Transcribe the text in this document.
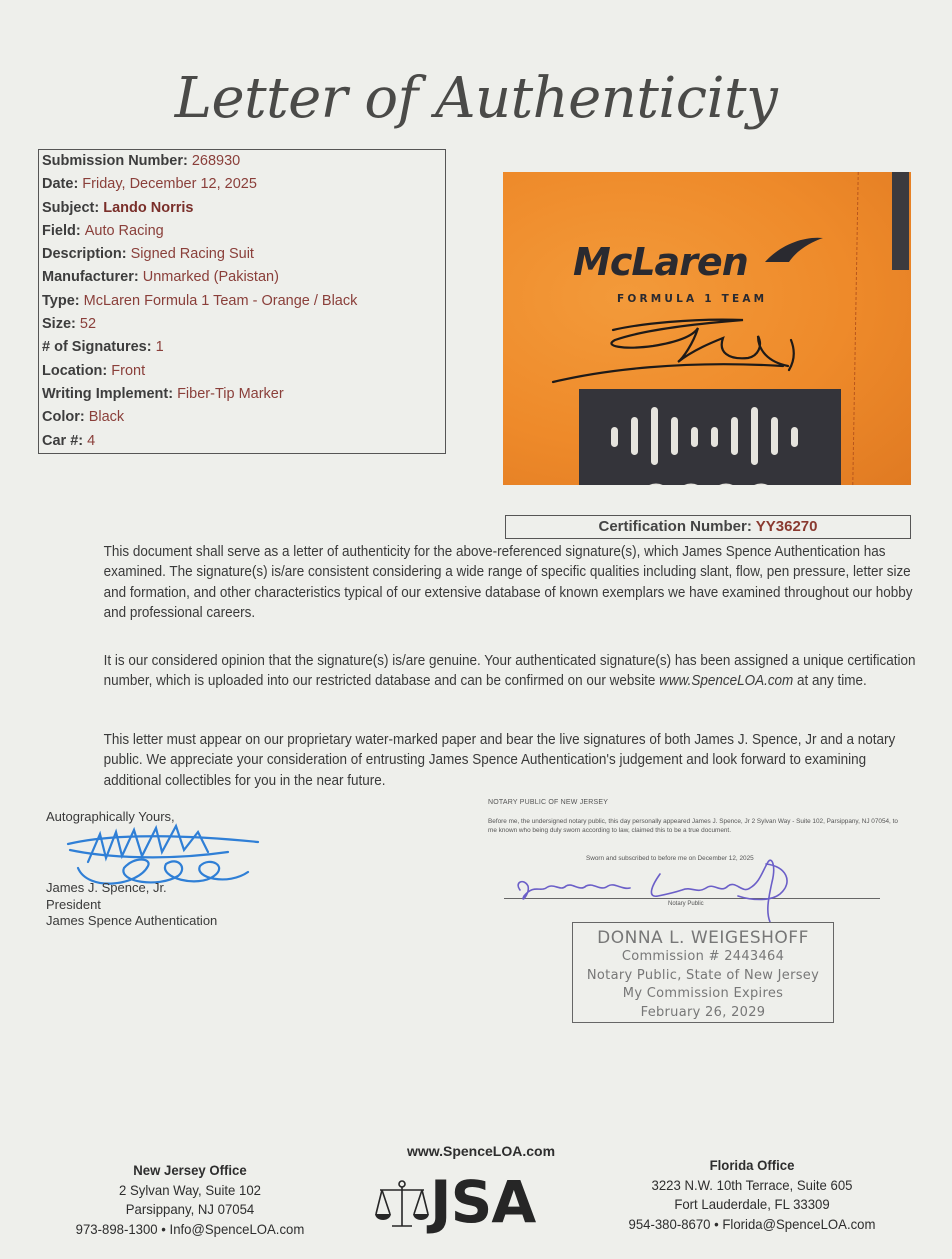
Letter of Authenticity
Submission Number: 268930
Date: Friday, December 12, 2025
Subject: Lando Norris
Field: Auto Racing
Description: Signed Racing Suit
Manufacturer: Unmarked (Pakistan)
Type: McLaren Formula 1 Team - Orange / Black
Size: 52
# of Signatures: 1
Location: Front
Writing Implement: Fiber-Tip Marker
Color: Black
Car #: 4
McLaren
FORMULA 1 TEAM
Certification Number: YY36270
This document shall serve as a letter of authenticity for the above-referenced signature(s), which James Spence Authentication has examined. The signature(s) is/are consistent considering a wide range of specific qualities including slant, flow, pen pressure, letter size and formation, and other characteristics typical of our extensive database of known exemplars we have examined throughout our hobby and professional careers.
It is our considered opinion that the signature(s) is/are genuine. Your authenticated signature(s) has been assigned a unique certification number, which is uploaded into our restricted database and can be confirmed on our website www.SpenceLOA.com at any time.
This letter must appear on our proprietary water-marked paper and bear the live signatures of both James J. Spence, Jr and a notary public. We appreciate your consideration of entrusting James Spence Authentication's judgement and look forward to examining additional collectibles for you in the near future.
Autographically Yours,
James J. Spence, Jr.
President
James Spence Authentication
NOTARY PUBLIC OF NEW JERSEY
Before me, the undersigned notary public, this day personally appeared James J. Spence, Jr 2 Sylvan Way - Suite 102, Parsippany, NJ 07054, to me known who being duly sworn according to law, claimed this to be a true document.
Sworn and subscribed to before me on December 12, 2025
Notary Public
DONNA L. WEIGESHOFF
Commission # 2443464
Notary Public, State of New Jersey
My Commission Expires
February 26, 2029
New Jersey Office
2 Sylvan Way, Suite 102
Parsippany, NJ 07054
973-898-1300 • Info@SpenceLOA.com
www.SpenceLOA.com
JSA
Florida Office
3223 N.W. 10th Terrace, Suite 605
Fort Lauderdale, FL 33309
954-380-8670 • Florida@SpenceLOA.com
